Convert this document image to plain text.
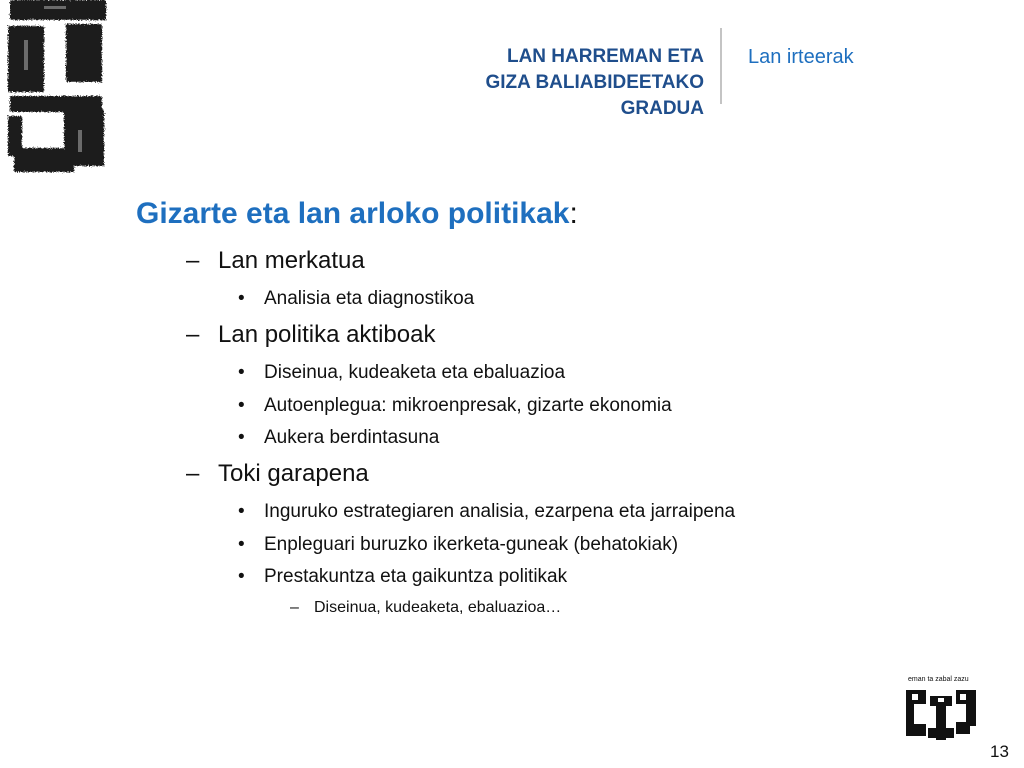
LAN HARREMAN ETA
GIZA BALIABIDEETAKO
GRADUA
Lan irteerak
Gizarte eta lan arloko politikak:
– Lan merkatua
• Analisia eta diagnostikoa
– Lan politika aktiboak
• Diseinua, kudeaketa eta ebaluazioa
• Autoenplegua: mikroenpresak, gizarte ekonomia
• Aukera berdintasuna
– Toki garapena
• Inguruko estrategiaren analisia, ezarpena eta jarraipena
• Enpleguari buruzko ikerketa-guneak (behatokiak)
• Prestakuntza eta gaikuntza politikak
– Diseinua, kudeaketa, ebaluazioa…
eman ta zabal zazu
13
